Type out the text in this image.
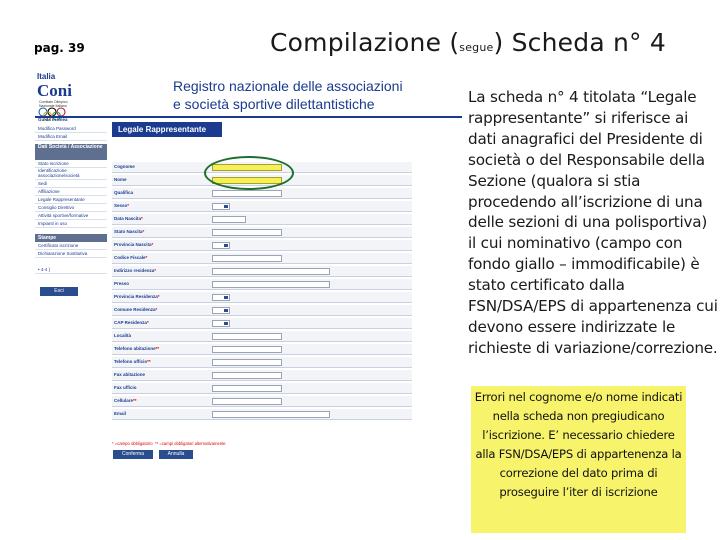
pag. 39	Compilazione (segue) Scheda n° 4
Italia
Coni
Comitato Olimpico Nazionale Italiano
Registro nazionale delle associazioni
e società sportive dilettantistiche
Guida in linea
Modifica Password
Modifica Email
Dati Società / Associazione
Stato Iscrizione
Identificazione associazione/società
Sedi
Affiliazione
Legale Rappresentante
Consiglio Direttivo
Attività sportive/formative
Impianti in uso
Stampe
Certificato iscrizione
Dichiarazione Sostitutiva
• 4-4 )
Esci
Legale Rappresentante
Cognome
Nome
Qualifica
Sesso*
Data Nascita*
Stato Nascita*
Provincia Nascita*
Codice Fiscale*
Indirizzo residenza*
Presso
Provincia Residenza*
Comune Residenza*
CAP Residenza*
Località
Telefono abitazione**
Telefono ufficio**
Fax abitazione
Fax ufficio
Cellulare**
Email
* =campo obbligatorio ** =campi obbligatori alternativamente
Conferma	Annulla
La scheda n° 4 titolata “Legale rappresentante” si riferisce ai dati anagrafici del Presidente di società o del Responsabile della Sezione (qualora si stia procedendo all’iscrizione di una delle sezioni di una polisportiva) il cui nominativo (campo con fondo giallo – immodificabile) è stato certificato dalla FSN/DSA/EPS di appartenenza cui devono essere indirizzate le richieste di variazione/correzione.
Errori nel cognome e/o nome indicati nella scheda non pregiudicano l’iscrizione. E’ necessario chiedere alla FSN/DSA/EPS di appartenenza la correzione del dato prima di proseguire l’iter di iscrizione
